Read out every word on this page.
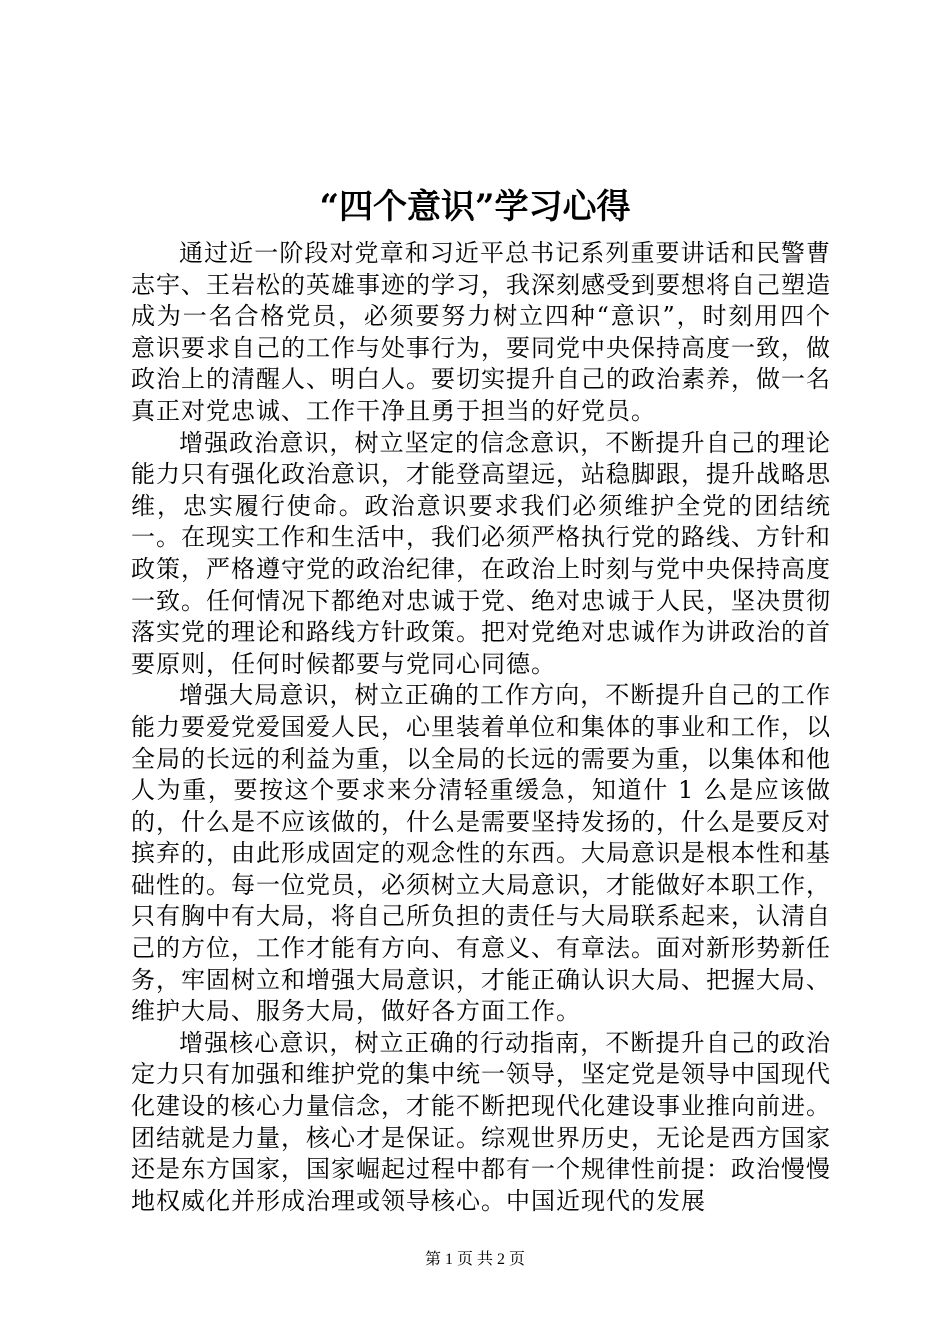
“四个意识”学习心得

通过近一阶段对党章和习近平总书记系列重要讲话和民警曹志宇、王岩松的英雄事迹的学习，我深刻感受到要想将自己塑造成为一名合格党员，必须要努力树立四种“意识”，时刻用四个意识要求自己的工作与处事行为，要同党中央保持高度一致，做政治上的清醒人、明白人。要切实提升自己的政治素养，做一名真正对党忠诚、工作干净且勇于担当的好党员。

增强政治意识，树立坚定的信念意识，不断提升自己的理论能力只有强化政治意识，才能登高望远，站稳脚跟，提升战略思维，忠实履行使命。政治意识要求我们必须维护全党的团结统一。在现实工作和生活中，我们必须严格执行党的路线、方针和政策，严格遵守党的政治纪律，在政治上时刻与党中央保持高度一致。任何情况下都绝对忠诚于党、绝对忠诚于人民，坚决贯彻落实党的理论和路线方针政策。把对党绝对忠诚作为讲政治的首要原则，任何时候都要与党同心同德。

增强大局意识，树立正确的工作方向，不断提升自己的工作能力要爱党爱国爱人民，心里装着单位和集体的事业和工作，以全局的长远的利益为重，以全局的长远的需要为重，以集体和他人为重，要按这个要求来分清轻重缓急，知道什 1 么是应该做的，什么是不应该做的，什么是需要坚持发扬的，什么是要反对摈弃的，由此形成固定的观念性的东西。大局意识是根本性和基础性的。每一位党员，必须树立大局意识，才能做好本职工作，只有胸中有大局，将自己所负担的责任与大局联系起来，认清自己的方位，工作才能有方向、有意义、有章法。面对新形势新任务，牢固树立和增强大局意识，才能正确认识大局、把握大局、维护大局、服务大局，做好各方面工作。

增强核心意识，树立正确的行动指南，不断提升自己的政治定力只有加强和维护党的集中统一领导，坚定党是领导中国现代化建设的核心力量信念，才能不断把现代化建设事业推向前进。团结就是力量，核心才是保证。综观世界历史，无论是西方国家还是东方国家，国家崛起过程中都有一个规律性前提：政治慢慢地权威化并形成治理或领导核心。中国近现代的发展

第 1 页 共 2 页
